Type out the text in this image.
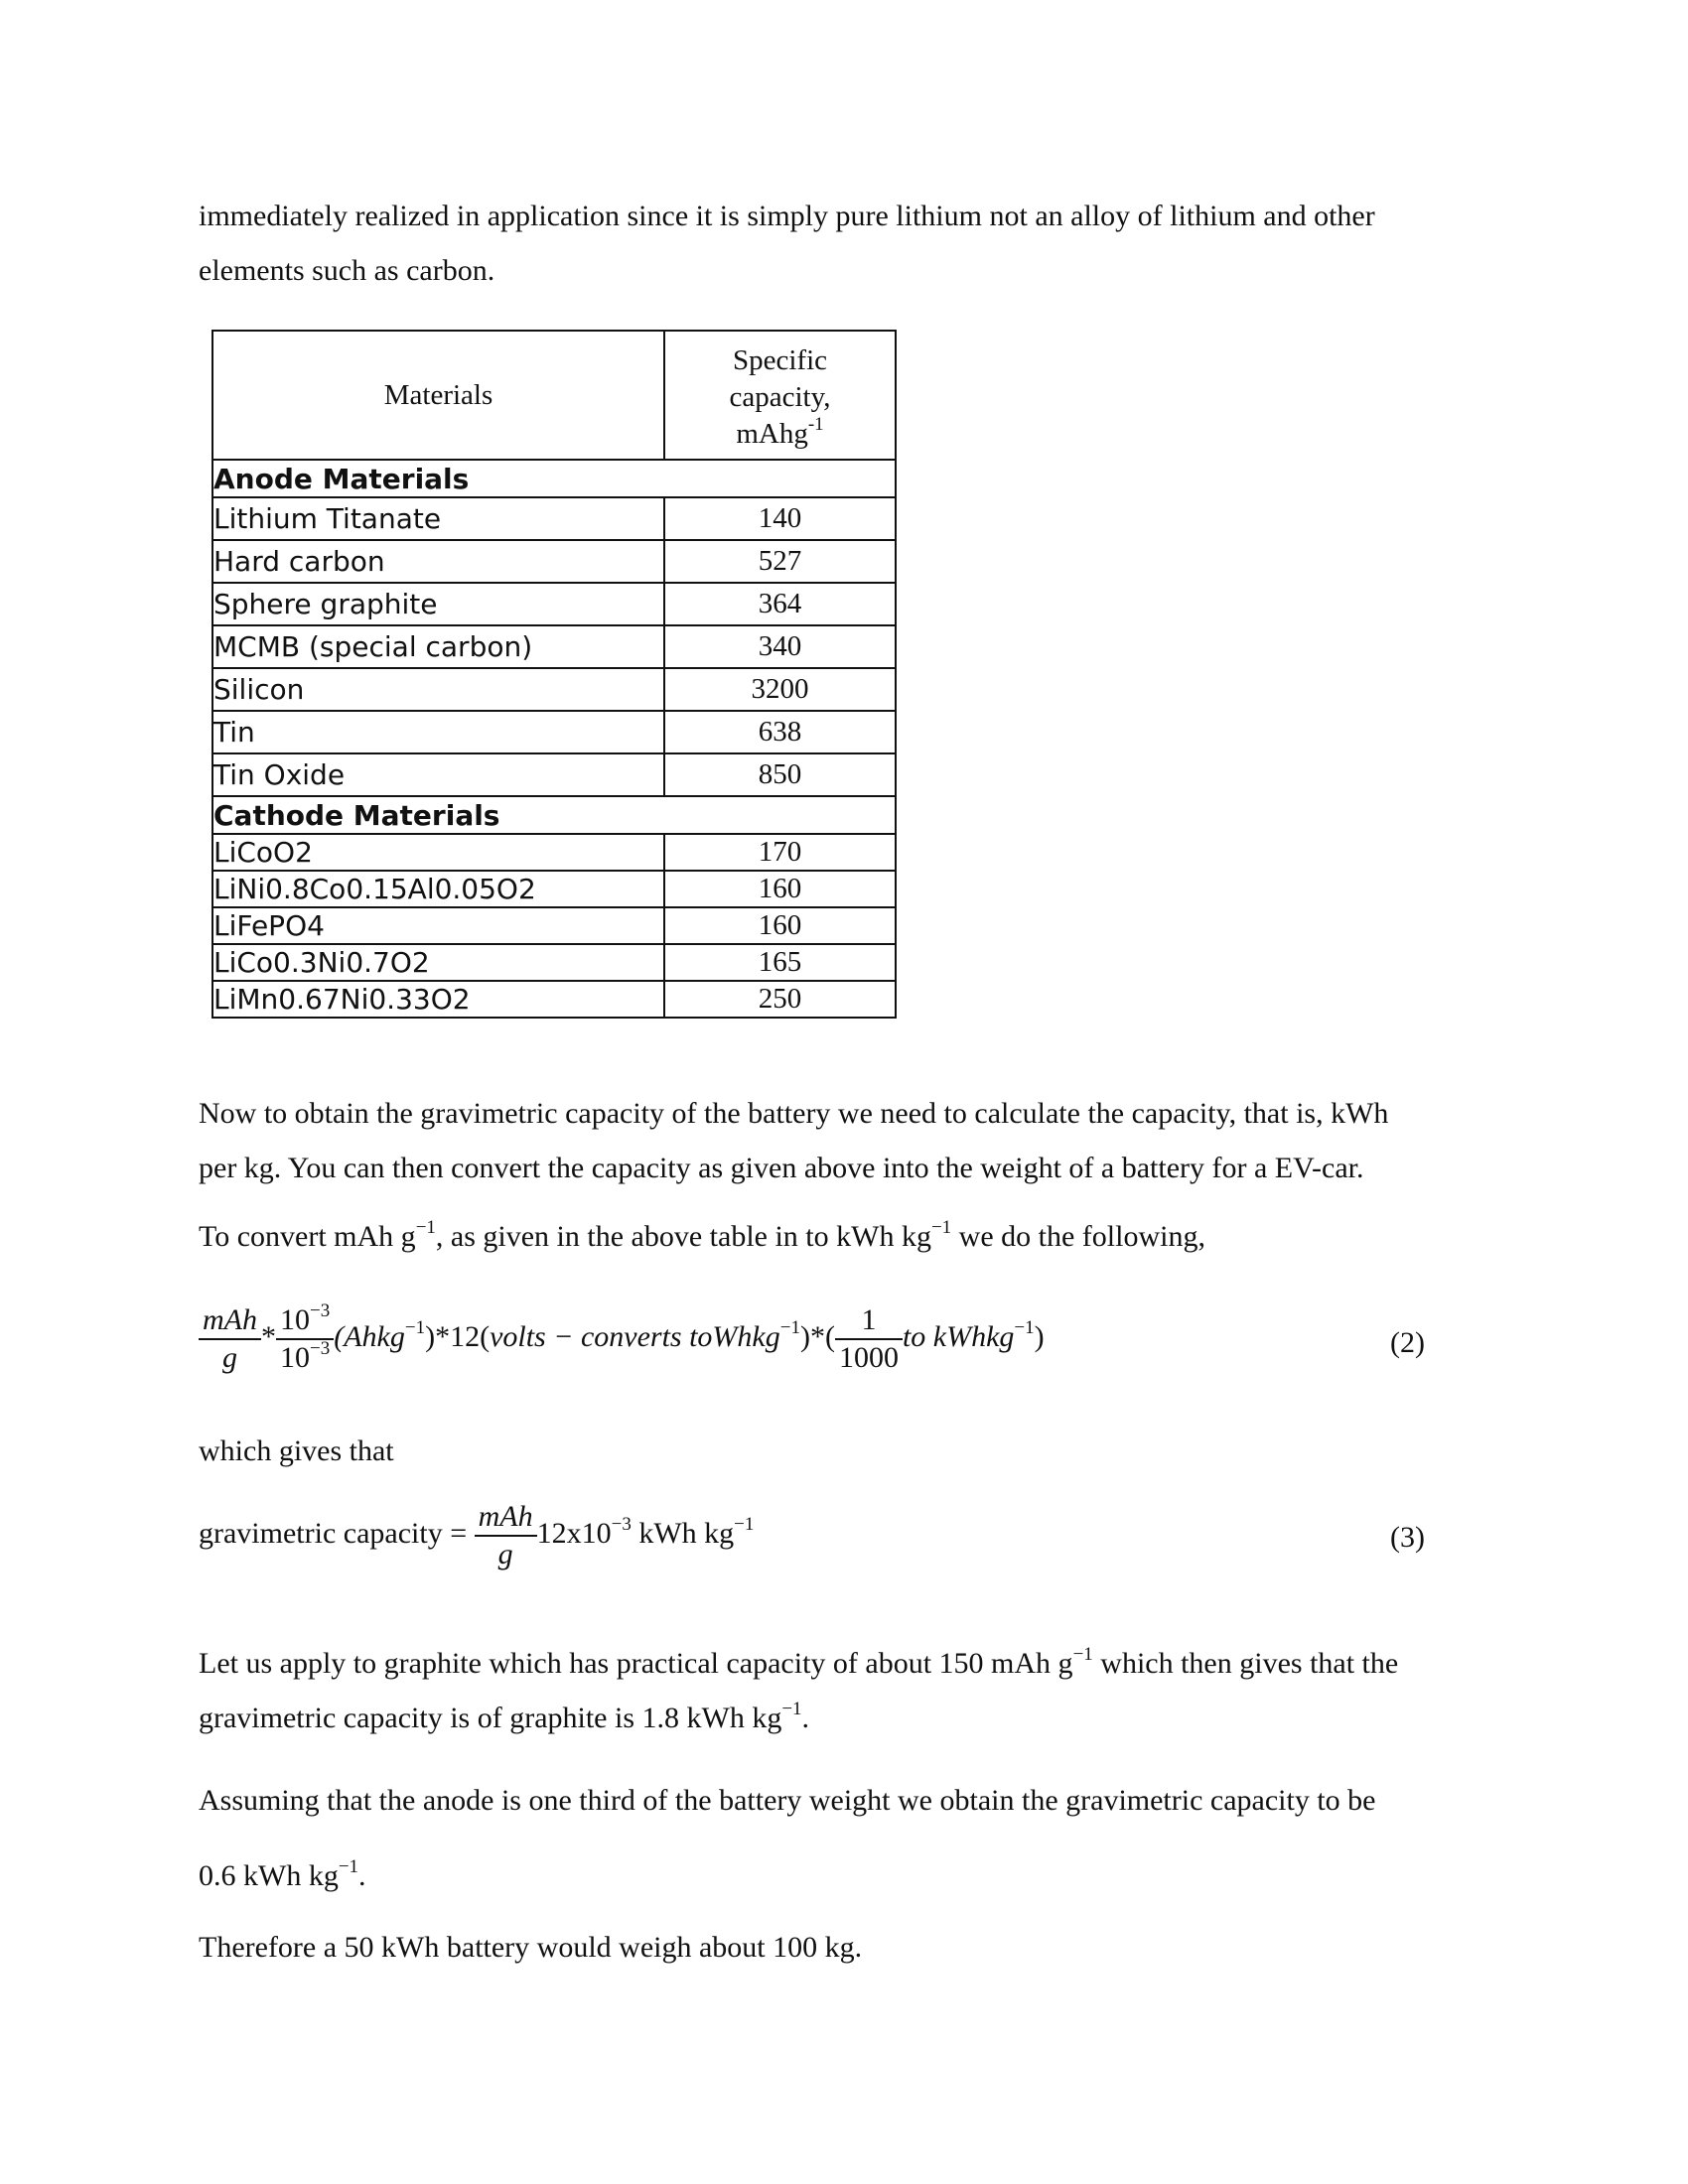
immediately realized in application since it is simply pure lithium not an alloy of lithium and other
elements such as carbon.

Materials	Specific
capacity,
mAhg$^{-1}$
Anode Materials	
Lithium Titanate	140
Hard carbon	527
Sphere graphite	364
MCMB (special carbon)	340
Silicon	3200
Tin	638
Tin Oxide	850
Cathode Materials	
LiCoO2	170
LiNi0.8Co0.15Al0.05O2	160
LiFePO4	160
LiCo0.3Ni0.7O2	165
LiMn0.67Ni0.33O2	250

Now to obtain the gravimetric capacity of the battery we need to calculate the capacity, that is, kWh
per kg. You can then convert the capacity as given above into the weight of a battery for a EV-car.

To convert mAh $g^{-1}$, as given in the above table in to kWh $kg^{-1}$ we do the following,

$\frac{\text{mAh}}{g} * \frac{10^{-3}}{10^{-3}}$ (Ahkg$^{-1}$)*12(volts − converts toWhkg$^{-1}$)*( $\frac{1}{1000}$ to kWhkg$^{-1}$)	(2)

which gives that

gravimetric capacity = $\frac{\text{mAh}}{g} 12x10^{-3}$ kWh $kg^{-1}$	(3)

Let us apply to graphite which has practical capacity of about 150 mAh $g^{-1}$ which then gives that the
gravimetric capacity is of graphite is 1.8 kWh $kg^{-1}$.

Assuming that the anode is one third of the battery weight we obtain the gravimetric capacity to be
0.6 kWh $kg^{-1}$.

Therefore a 50 kWh battery would weigh about 100 kg.
